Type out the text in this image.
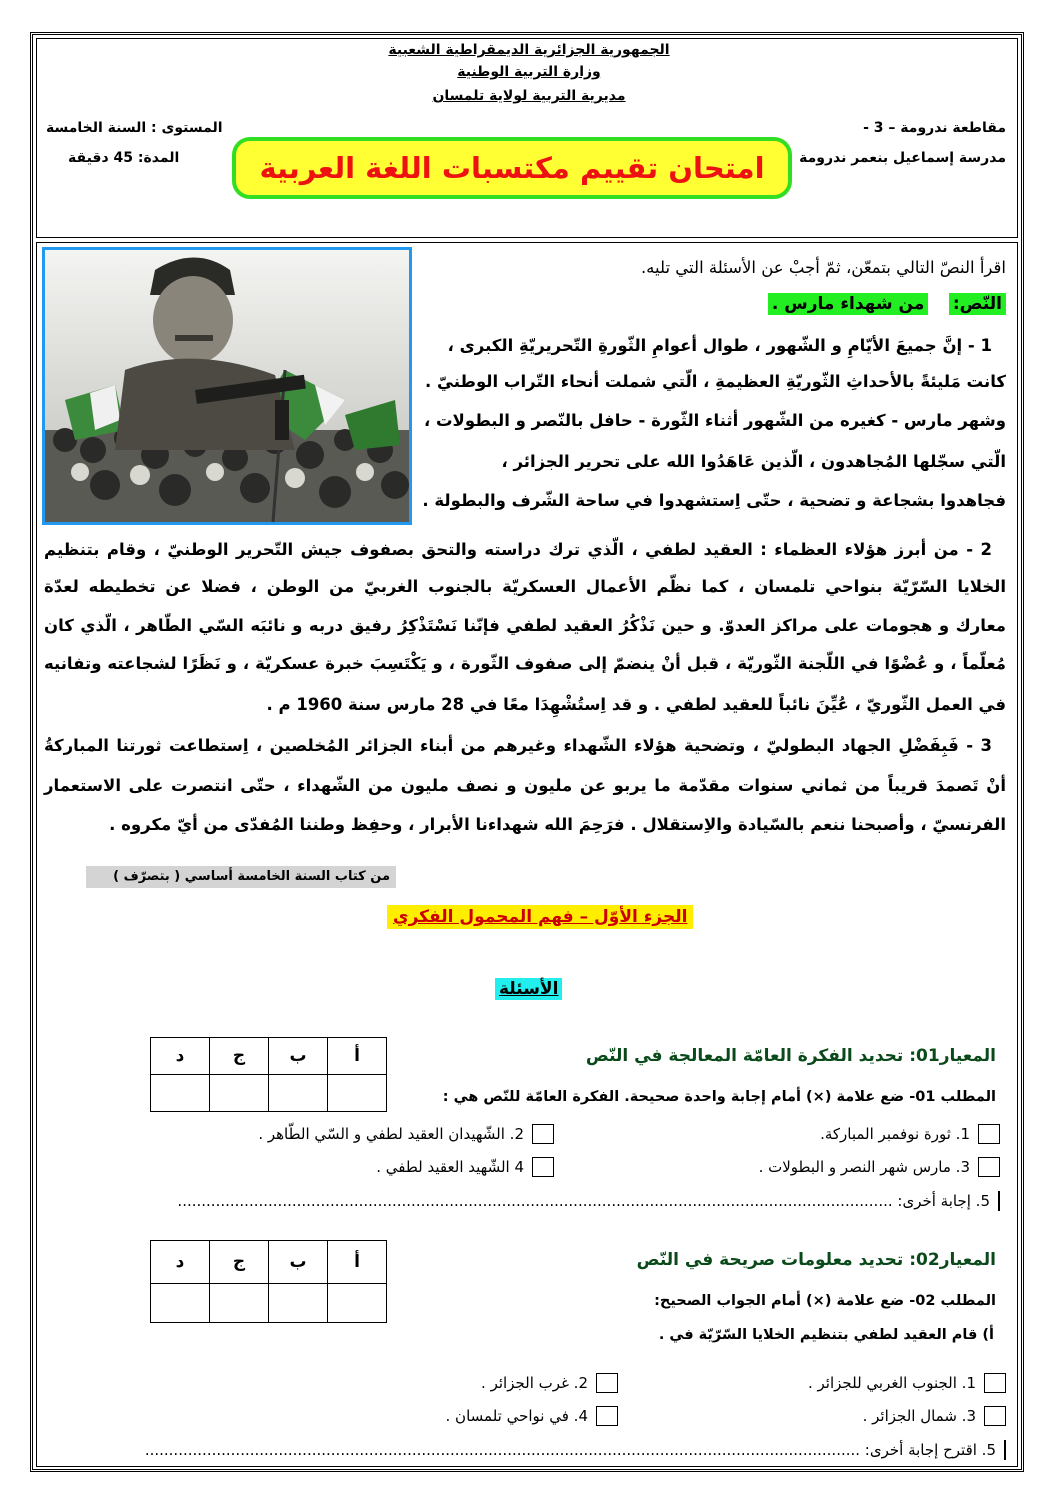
الجمهورية الجزائرية الديمقراطية الشعبية
وزارة التربية الوطنية
مديرية التربية لولاية تلمسان
مقاطعة ندرومة – 3 -
مدرسة إسماعيل بنعمر ندرومة
المستوى : السنة الخامسة
المدة: 45 دقيقة	امتحان تقييم مكتسبات اللغة العربية
اقرأ النصّ التالي بتمعّن، ثمّ أجبْ عن الأسئلة التي تليه.
النّص:  من شهداء مارس .
1 - إنَّ جميعَ الأيّامِ و الشّهور ، طوال أعوامِ الثّورةِ التّحريريّةِ الكبرى ،
كانت مَليئةً بالأحداثِ الثّوريّةِ العظيمةِ ، الّتي شملت أنحاء التّراب الوطنيّ .
وشهر مارس - كغيره من الشّهور أثناء الثّورة - حافل بالنّصر و البطولات ،
الّتي سجّلها المُجاهدون ، الّذين عَاهَدُوا الله على تحرير الجزائر ،
فجاهدوا بشجاعة و تضحية ، حتّى اِستشهدوا في ساحة الشّرف والبطولة .
2 - من أبرز هؤلاء العظماء : العقيد لطفي ، الّذي ترك دراسته والتحق بصفوف جيش التّحرير الوطنيّ ، وقام بتنظيم
الخلايا السّرّيّة بنواحي تلمسان ، كما نظّم الأعمال العسكريّة بالجنوب الغربيّ من الوطن ، فضلا عن تخطيطه لعدّة
معارك و هجومات على مراكز العدوّ. و حين نَذْكُرُ العقيد لطفي فإنّنا نَسْتَذْكِرُ رفيق دربه و نائبَه السّي الطّاهر ، الّذي كان
مُعلّماً ، و عُضْوًا في اللّجنة الثّوريّة ، قبل أنْ ينضمّ إلى صفوف الثّورة ، و يَكْتَسِبَ خبرة عسكريّة ، و نَظَرًا لشجاعته وتفانيه
في العمل الثّوريّ ، عُيِّنَ نائباً للعقيد لطفي . و قد اِستُشْهِدَا معًا في 28 مارس سنة 1960 م .
3 - فَبِفَضْلِ الجهاد البطوليّ ، وتضحية هؤلاء الشّهداء وغيرهم من أبناء الجزائر المُخلصين ، اِستطاعت ثورتنا المباركةُ
أنْ تَصمدَ قريباً من ثماني سنوات مقدّمة ما يربو عن مليون و نصف مليون من الشّهداء ، حتّى انتصرت على الاستعمار
الفرنسيّ ، وأصبحنا ننعم بالسّيادة والاِستقلال . فرَحِمَ الله شهداءنا الأبرار ، وحفِظ وطننا المُفدّى من أيّ مكروه .
من كتاب السنة الخامسة أساسي ( بتصرّف )
الجزء الأوّل – فهم المحمول الفكري
الأسئلة
د	ج	ب	أ
				المعيار01: تحديد الفكرة العامّة المعالجة في النّص
المطلب 01- ضع علامة (×) أمام إجابة واحدة صحيحة. الفكرة العامّة للنّص هي :
1. ثورة نوفمبر المباركة.
2. الشّهيدان العقيد لطفي و السّي الطّاهر .
3. مارس شهر النصر و البطولات .
4 الشّهيد العقيد لطفي .
5. إجابة أخرى: ......................................................................................................................................................
د	ج	ب	أ
				المعيار02: تحديد معلومات صريحة في النّص
المطلب 02- ضع علامة (×) أمام الجواب الصحيح:
أ) قام العقيد لطفي بتنظيم الخلايا السّرّيّة في .
1. الجنوب الغربي للجزائر .
2. غرب الجزائر .
3. شمال الجزائر .
4. في نواحي تلمسان .
5. اقترح إجابة أخرى: ......................................................................................................................................................
